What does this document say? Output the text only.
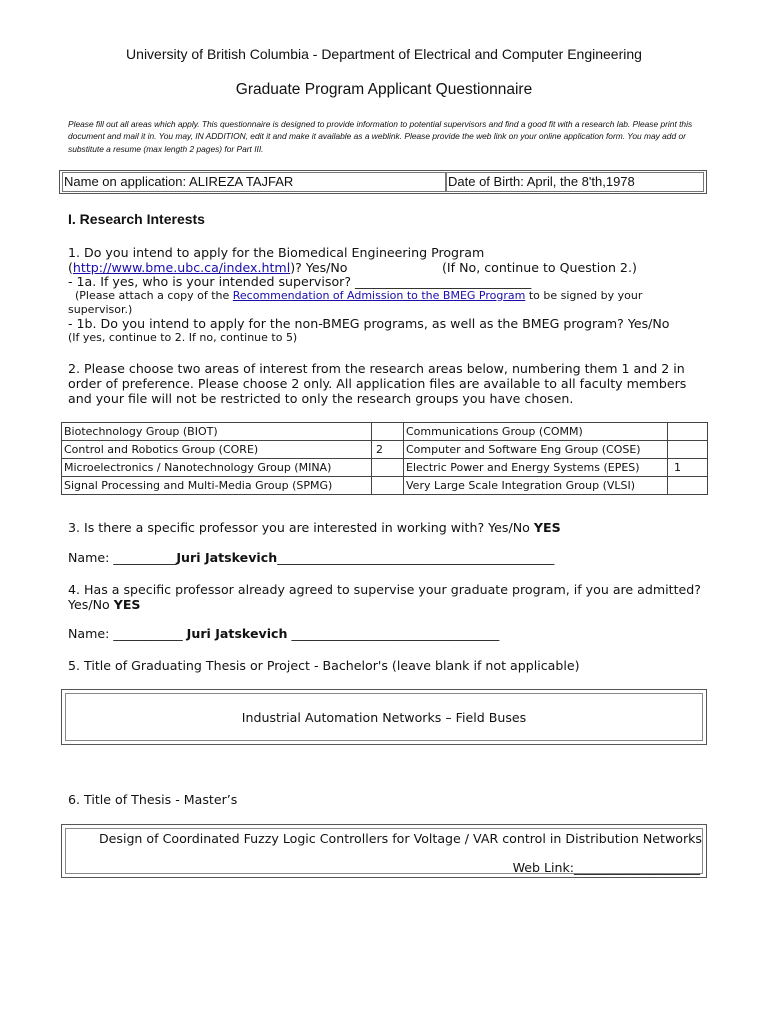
University of British Columbia - Department of Electrical and Computer Engineering
Graduate Program Applicant Questionnaire
Please fill out all areas which apply. This questionnaire is designed to provide information to potential supervisors and find a good fit with a research lab. Please print this document and mail it in. You may, IN ADDITION, edit it and make it available as a weblink. Please provide the web link on your online application form. You may add or substitute a resume (max length 2 pages) for Part III.
Name on application: ALIREZA TAJFAR	Date of Birth: April, the 8'th,1978
I. Research Interests
1. Do you intend to apply for the Biomedical Engineering Program
(http://www.bme.ubc.ca/index.html)? Yes/No	(If No, continue to Question 2.)
- 1a. If yes, who is your intended supervisor? ____________________________
(Please attach a copy of the Recommendation of Admission to the BMEG Program to be signed by your
supervisor.)
- 1b. Do you intend to apply for the non-BMEG programs, as well as the BMEG program? Yes/No
(If yes, continue to 2. If no, continue to 5)
2. Please choose two areas of interest from the research areas below, numbering them 1 and 2 in
order of preference. Please choose 2 only. All application files are available to all faculty members
and your file will not be restricted to only the research groups you have chosen.
Biotechnology Group (BIOT)		Communications Group (COMM)	
Control and Robotics Group (CORE)	2	Computer and Software Eng Group (COSE)	
Microelectronics / Nanotechnology Group (MINA)		Electric Power and Energy Systems (EPES)	1
Signal Processing and Multi-Media Group (SPMG)		Very Large Scale Integration Group (VLSI)	
3. Is there a specific professor you are interested in working with? Yes/No YES
Name: __________Juri Jatskevich____________________________________________
4. Has a specific professor already agreed to supervise your graduate program, if you are admitted?
Yes/No YES
Name: ___________ Juri Jatskevich _________________________________
5. Title of Graduating Thesis or Project - Bachelor's (leave blank if not applicable)
Industrial Automation Networks – Field Buses
6. Title of Thesis - Master’s
Design of Coordinated Fuzzy Logic Controllers for Voltage / VAR control in Distribution Networks
Web Link:____________________
